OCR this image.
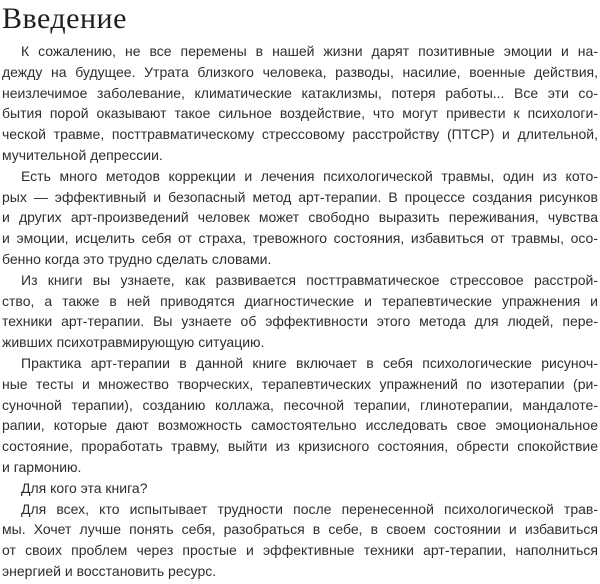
Введение

К сожалению, не все перемены в нашей жизни дарят позитивные эмоции и на-
дежду на будущее. Утрата близкого человека, разводы, насилие, военные действия,
неизлечимое заболевание, климатические катаклизмы, потеря работы... Все эти со-
бытия порой оказывают такое сильное воздействие, что могут привести к психологи-
ческой травме, посттравматическому стрессовому расстройству (ПТСР) и длительной,
мучительной депрессии.

Есть много методов коррекции и лечения психологической травмы, один из кото-
рых — эффективный и безопасный метод арт-терапии. В процессе создания рисунков
и других арт-произведений человек может свободно выразить переживания, чувства
и эмоции, исцелить себя от страха, тревожного состояния, избавиться от травмы, осо-
бенно когда это трудно сделать словами.

Из книги вы узнаете, как развивается посттравматическое стрессовое расстрой-
ство, а также в ней приводятся диагностические и терапевтические упражнения и
техники арт-терапии. Вы узнаете об эффективности этого метода для людей, пере-
живших психотравмирующую ситуацию.

Практика арт-терапии в данной книге включает в себя психологические рисуноч-
ные тесты и множество творческих, терапевтических упражнений по изотерапии (ри-
суночной терапии), созданию коллажа, песочной терапии, глинотерапии, мандалоте-
рапии, которые дают возможность самостоятельно исследовать свое эмоциональное
состояние, проработать травму, выйти из кризисного состояния, обрести спокойствие
и гармонию.

Для кого эта книга?

Для всех, кто испытывает трудности после перенесенной психологической трав-
мы. Хочет лучше понять себя, разобраться в себе, в своем состоянии и избавиться
от своих проблем через простые и эффективные техники арт-терапии, наполниться
энергией и восстановить ресурс.
